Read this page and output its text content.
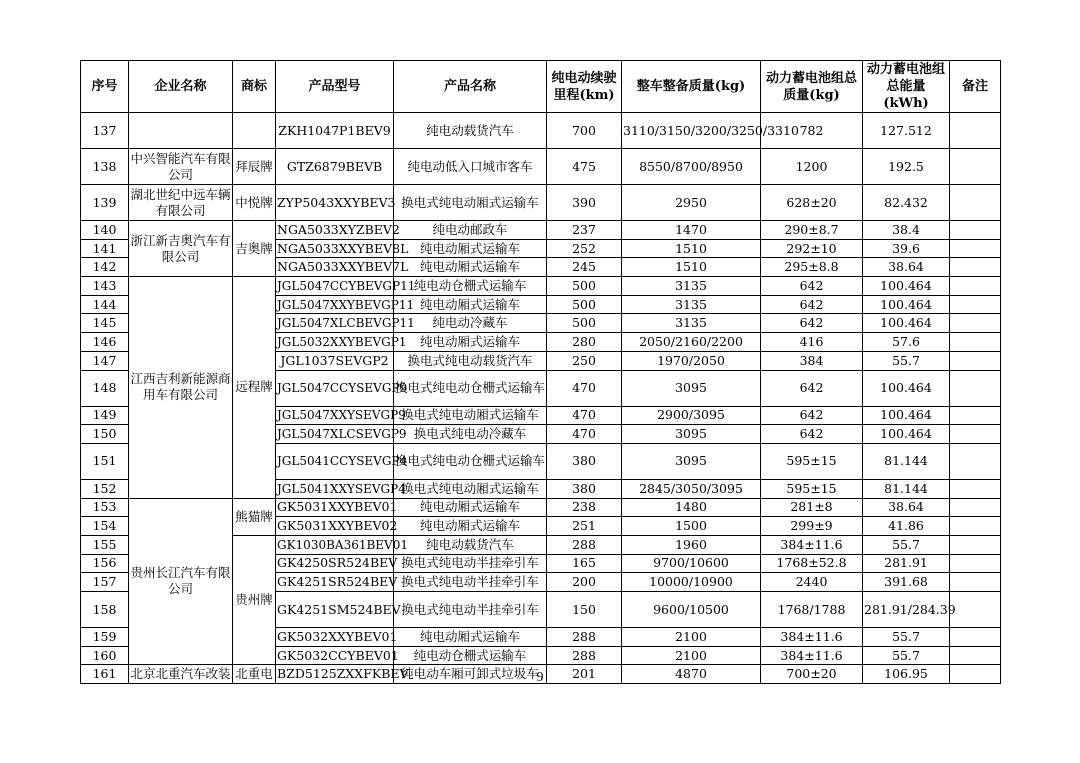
序号	企业名称	商标	产品型号	产品名称	纯电动续驶里程(km)	整车整备质量(kg)	动力蓄电池组总质量(kg)	动力蓄电池组总能量(kWh)	备注
137			ZKH1047P1BEV9	纯电动载货汽车	700	3110/3150/3200/3250/3310	782	127.512	
138	中兴智能汽车有限公司	拜辰牌	GTZ6879BEVB	纯电动低入口城市客车	475	8550/8700/8950	1200	192.5	
139	湖北世纪中远车辆有限公司	中悦牌	ZYP5043XXYBEV3	换电式纯电动厢式运输车	390	2950	628±20	82.432	
140	浙江新吉奥汽车有限公司	吉奥牌	NGA5033XYZBEV2	纯电动邮政车	237	1470	290±8.7	38.4	
141			NGA5033XXYBEV8L	纯电动厢式运输车	252	1510	292±10	39.6	
142			NGA5033XXYBEV7L	纯电动厢式运输车	245	1510	295±8.8	38.64	
143	江西吉利新能源商用车有限公司	远程牌	JGL5047CCYBEVGP11	纯电动仓栅式运输车	500	3135	642	100.464	
144			JGL5047XXYBEVGP11	纯电动厢式运输车	500	3135	642	100.464	
145			JGL5047XLCBEVGP11	纯电动冷藏车	500	3135	642	100.464	
146			JGL5032XXYBEVGP1	纯电动厢式运输车	280	2050/2160/2200	416	57.6	
147			JGL1037SEVGP2	换电式纯电动载货汽车	250	1970/2050	384	55.7	
148			JGL5047CCYSEVGP9	换电式纯电动仓栅式运输车	470	3095	642	100.464	
149			JGL5047XXYSEVGP9	换电式纯电动厢式运输车	470	2900/3095	642	100.464	
150			JGL5047XLCSEVGP9	换电式纯电动冷藏车	470	3095	642	100.464	
151			JGL5041CCYSEVGP4	换电式纯电动仓栅式运输车	380	3095	595±15	81.144	
152			JGL5041XXYSEVGP4	换电式纯电动厢式运输车	380	2845/3050/3095	595±15	81.144	
153	贵州长江汽车有限公司	熊猫牌	GK5031XXYBEV01	纯电动厢式运输车	238	1480	281±8	38.64	
154			GK5031XXYBEV02	纯电动厢式运输车	251	1500	299±9	41.86	
155		贵州牌	GK1030BA361BEV01	纯电动载货汽车	288	1960	384±11.6	55.7	
156			GK4250SR524BEV	换电式纯电动半挂牵引车	165	9700/10600	1768±52.8	281.91	
157			GK4251SR524BEV	换电式纯电动半挂牵引车	200	10000/10900	2440	391.68	
158			GK4251SM524BEV	换电式纯电动半挂牵引车	150	9600/10500	1768/1788	281.91/284.39	
159			GK5032XXYBEV01	纯电动厢式运输车	288	2100	384±11.6	55.7	
160			GK5032CCYBEV01	纯电动仓栅式运输车	288	2100	384±11.6	55.7	
161	北京北重汽车改装	北重电	BZD5125ZXXFKBEV	纯电动车厢可卸式垃圾车	201	4870	700±20	106.95	
9
